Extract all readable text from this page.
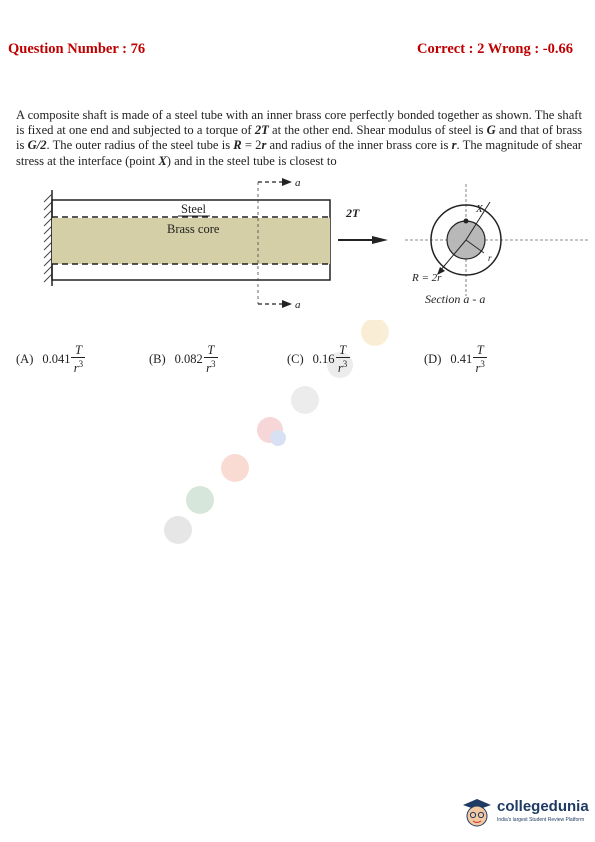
Question Number : 76	Correct : 2 Wrong : -0.66
A composite shaft is made of a steel tube with an inner brass core perfectly bonded together as shown. The shaft is fixed at one end and subjected to a torque of 2T at the other end. Shear modulus of steel is G and that of brass is G/2. The outer radius of the steel tube is R = 2r and radius of the inner brass core is r. The magnitude of shear stress at the interface (point X) and in the steel tube is closest to
Steel
Brass core
a
a
2T	X
r
R = 2r
Section a - a
(A) $0.041 \frac{T}{r^3}$	(B) $0.082 \frac{T}{r^3}$	(C) $0.16 \frac{T}{r^3}$	(D) $0.41 \frac{T}{r^3}$
collegedunia
India's largest Student Review Platform
